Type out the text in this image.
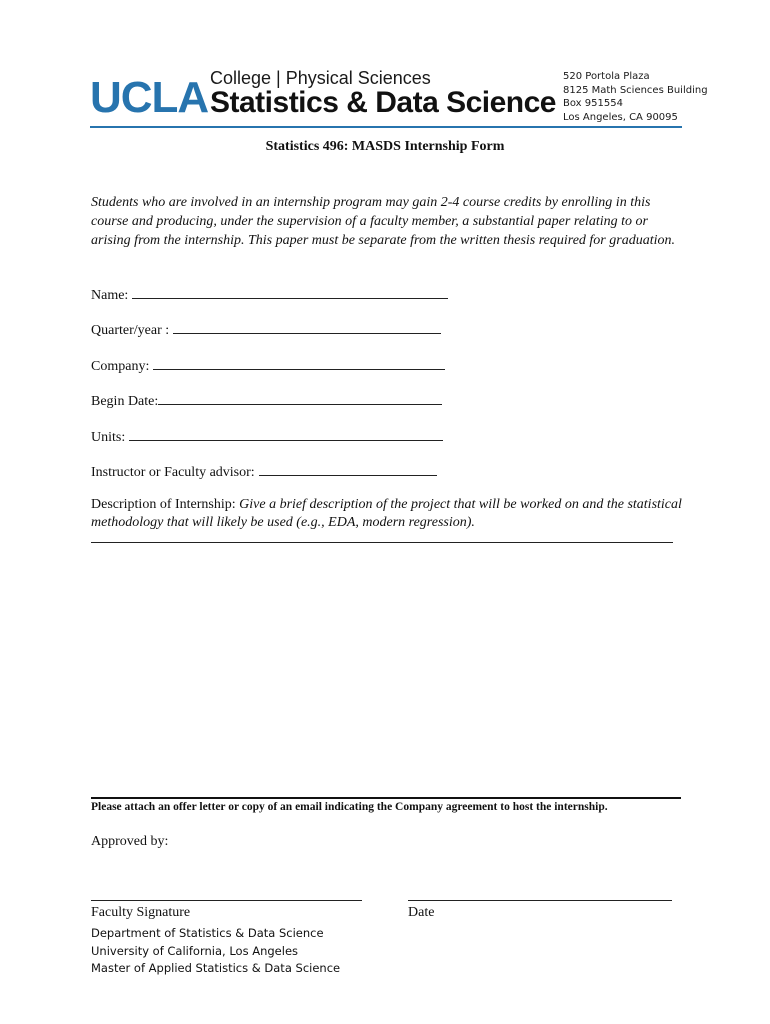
UCLA College | Physical Sciences
Statistics & Data Science
520 Portola Plaza
8125 Math Sciences Building
Box 951554
Los Angeles, CA 90095
Statistics 496: MASDS Internship Form
Students who are involved in an internship program may gain 2-4 course credits by enrolling in this course and producing, under the supervision of a faculty member, a substantial paper relating to or arising from the internship. This paper must be separate from the written thesis required for graduation.
Name:
Quarter/year :
Company:
Begin Date:
Units:
Instructor or Faculty advisor:
Description of Internship: Give a brief description of the project that will be worked on and the statistical methodology that will likely be used (e.g., EDA, modern regression).
Please attach an offer letter or copy of an email indicating the Company agreement to host the internship.
Approved by:
Faculty Signature	Date
Department of Statistics & Data Science
University of California, Los Angeles
Master of Applied Statistics & Data Science
